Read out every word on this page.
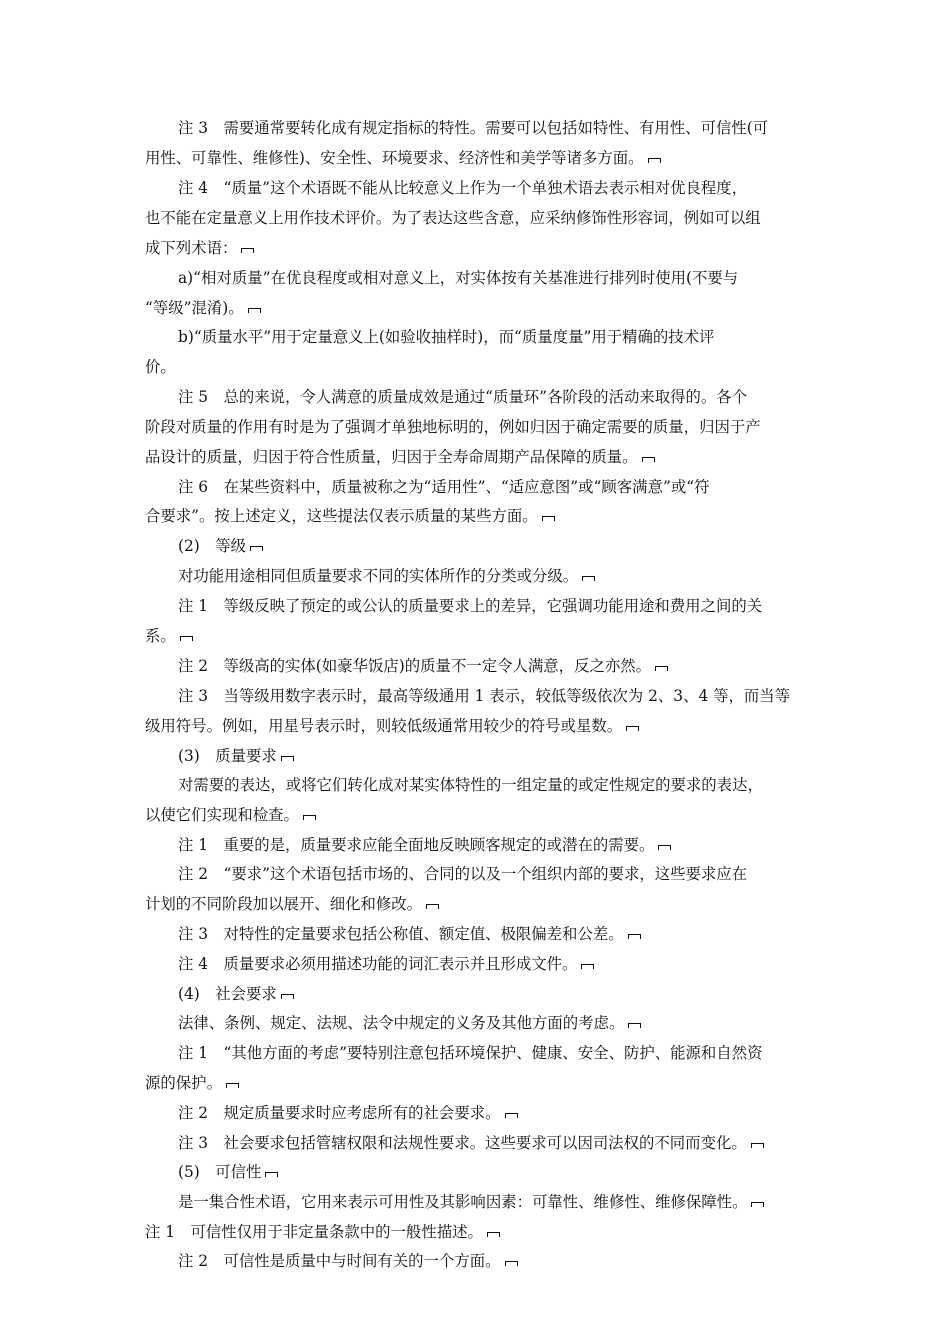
注 3　需要通常要转化成有规定指标的特性。需要可以包括如特性、有用性、可信性(可
用性、可靠性、维修性)、安全性、环境要求、经济性和美学等诸多方面。
注 4　“质量”这个术语既不能从比较意义上作为一个单独术语去表示相对优良程度，
也不能在定量意义上用作技术评价。为了表达这些含意，应采纳修饰性形容词，例如可以组
成下列术语：
a)“相对质量”在优良程度或相对意义上，对实体按有关基准进行排列时使用(不要与
“等级”混淆)。
b)“质量水平”用于定量意义上(如验收抽样时)，而“质量度量”用于精确的技术评
价。
注 5　总的来说，令人满意的质量成效是通过“质量环”各阶段的活动来取得的。各个
阶段对质量的作用有时是为了强调才单独地标明的，例如归因于确定需要的质量，归因于产
品设计的质量，归因于符合性质量，归因于全寿命周期产品保障的质量。
注 6　在某些资料中，质量被称之为“适用性”、“适应意图”或“顾客满意”或“符
合要求”。按上述定义，这些提法仅表示质量的某些方面。
(2)　等级
对功能用途相同但质量要求不同的实体所作的分类或分级。
注 1　等级反映了预定的或公认的质量要求上的差异，它强调功能用途和费用之间的关
系。
注 2　等级高的实体(如豪华饭店)的质量不一定令人满意，反之亦然。
注 3　当等级用数字表示时，最高等级通用 1 表示，较低等级依次为 2、3、4 等，而当等
级用符号。例如，用星号表示时，则较低级通常用较少的符号或星数。
(3)　质量要求
对需要的表达，或将它们转化成对某实体特性的一组定量的或定性规定的要求的表达，
以使它们实现和检查。
注 1　重要的是，质量要求应能全面地反映顾客规定的或潜在的需要。
注 2　“要求”这个术语包括市场的、合同的以及一个组织内部的要求，这些要求应在
计划的不同阶段加以展开、细化和修改。
注 3　对特性的定量要求包括公称值、额定值、极限偏差和公差。
注 4　质量要求必须用描述功能的词汇表示并且形成文件。
(4)　社会要求
法律、条例、规定、法规、法令中规定的义务及其他方面的考虑。
注 1　“其他方面的考虑”要特别注意包括环境保护、健康、安全、防护、能源和自然资
源的保护。
注 2　规定质量要求时应考虑所有的社会要求。
注 3　社会要求包括管辖权限和法规性要求。这些要求可以因司法权的不同而变化。
(5)　可信性
是一集合性术语，它用来表示可用性及其影响因素：可靠性、维修性、维修保障性。
注 1　可信性仅用于非定量条款中的一般性描述。
注 2　可信性是质量中与时间有关的一个方面。
